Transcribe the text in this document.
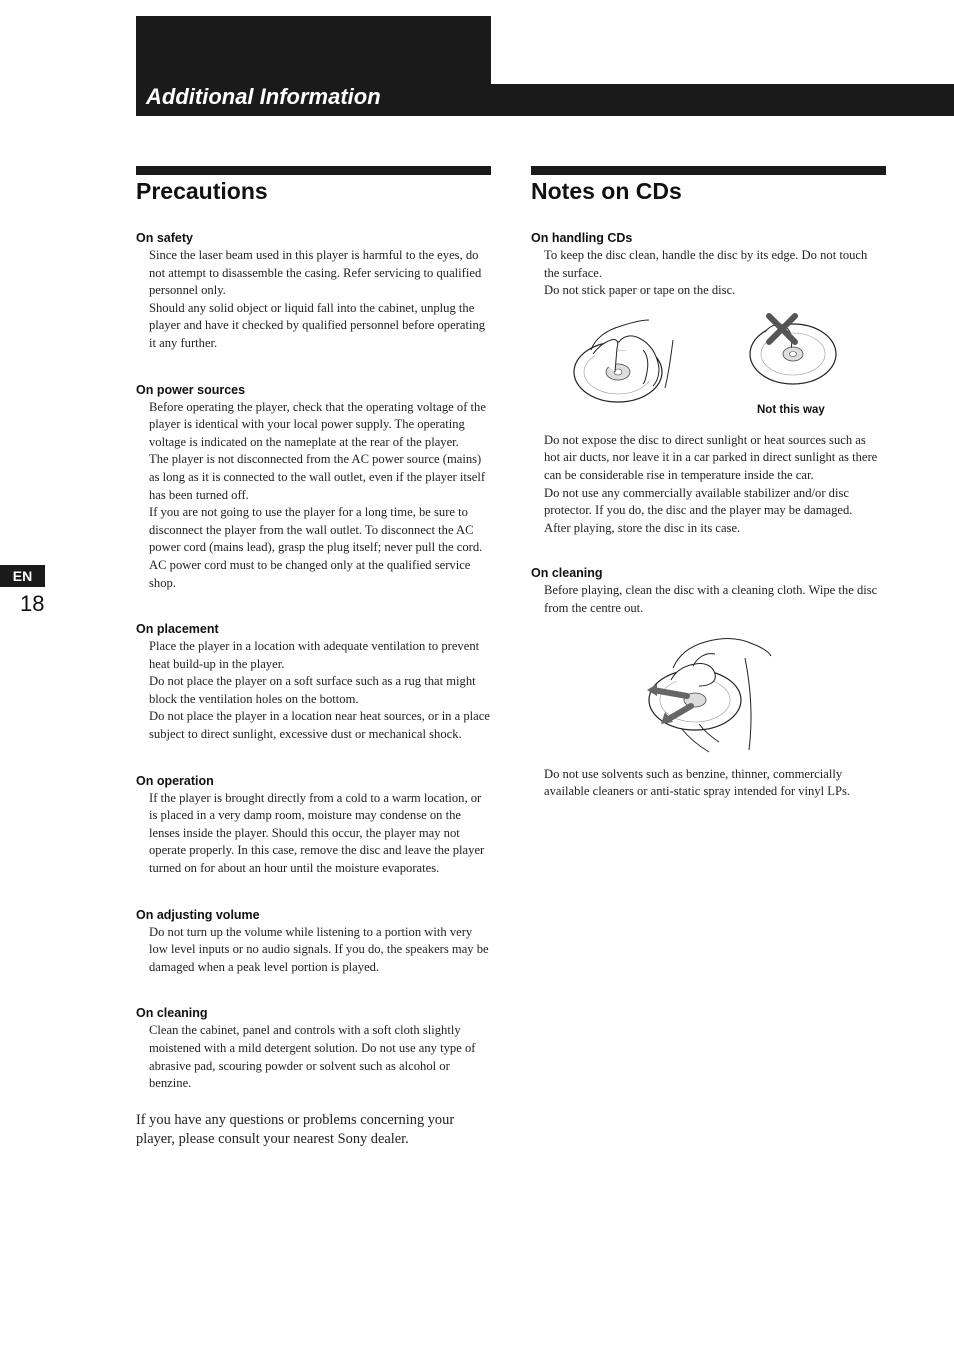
Additional Information
Precautions	Notes on CDs
EN
18
On safety
Since the laser beam used in this player is harmful to the eyes, do not attempt to disassemble the casing. Refer servicing to qualified personnel only.
Should any solid object or liquid fall into the cabinet, unplug the player and have it checked by qualified personnel before operating it any further.
On power sources
Before operating the player, check that the operating voltage of the player is identical with your local power supply. The operating voltage is indicated on the nameplate at the rear of the player.
The player is not disconnected from the AC power source (mains) as long as it is connected to the wall outlet, even if the player itself has been turned off.
If you are not going to use the player for a long time, be sure to disconnect the player from the wall outlet. To disconnect the AC power cord (mains lead), grasp the plug itself; never pull the cord.
AC power cord must to be changed only at the qualified service shop.
On placement
Place the player in a location with adequate ventilation to prevent heat build-up in the player.
Do not place the player on a soft surface such as a rug that might block the ventilation holes on the bottom.
Do not place the player in a location near heat sources, or in a place subject to direct sunlight, excessive dust or mechanical shock.
On operation
If the player is brought directly from a cold to a warm location, or is placed in a very damp room, moisture may condense on the lenses inside the player. Should this occur, the player may not operate properly. In this case, remove the disc and leave the player turned on for about an hour until the moisture evaporates.
On adjusting volume
Do not turn up the volume while listening to a portion with very low level inputs or no audio signals. If you do, the speakers may be damaged when a peak level portion is played.
On cleaning
Clean the cabinet, panel and controls with a soft cloth slightly moistened with a mild detergent solution. Do not use any type of abrasive pad, scouring powder or solvent such as alcohol or benzine.
If you have any questions or problems concerning your player, please consult your nearest Sony dealer.
On handling CDs
To keep the disc clean, handle the disc by its edge. Do not touch the surface.
Do not stick paper or tape on the disc.
Not this way
Do not expose the disc to direct sunlight or heat sources such as hot air ducts, nor leave it in a car parked in direct sunlight as there can be considerable rise in temperature inside the car.
Do not use any commercially available stabilizer and/or disc protector. If you do, the disc and the player may be damaged.
After playing, store the disc in its case.
On cleaning
Before playing, clean the disc with a cleaning cloth. Wipe the disc from the centre out.
Do not use solvents such as benzine, thinner, commercially available cleaners or anti-static spray intended for vinyl LPs.
